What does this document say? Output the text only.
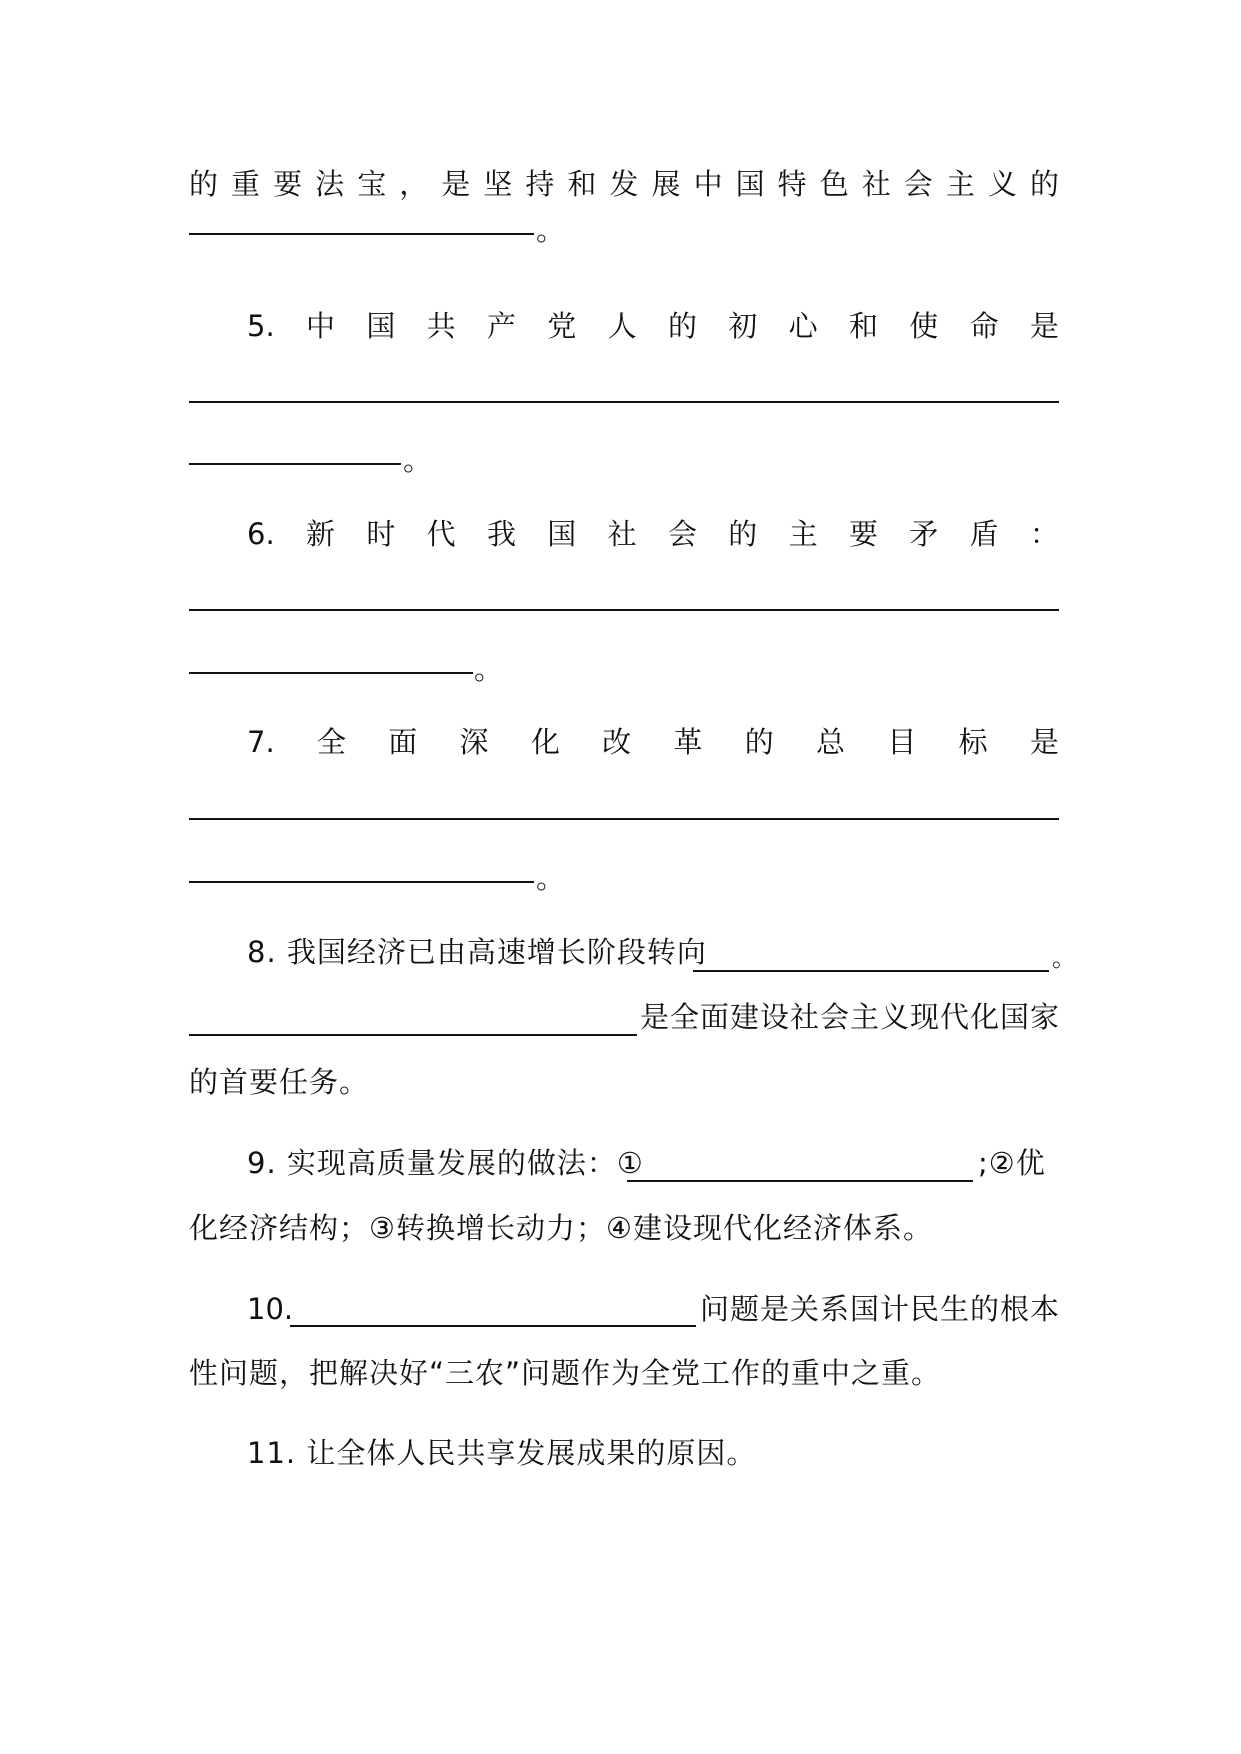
的 重 要 法 宝 ， 是 坚 持 和 发 展 中 国 特 色 社 会 主 义 的
。
5. 中 国 共 产 党 人 的 初 心 和 使 命 是
。
6. 新 时 代 我 国 社 会 的 主 要 矛 盾 ：
。
7. 全 面 深 化 改 革 的 总 目 标 是
。
8. 我国经济已由高速增长阶段转向	。
是全面建设社会主义现代化国家
的首要任务。
9. 实现高质量发展的做法：①	;②优
化经济结构；③转换增长动力；④建设现代化经济体系。
10.	问题是关系国计民生的根本
性问题，把解决好“三农”问题作为全党工作的重中之重。
11. 让全体人民共享发展成果的原因。
